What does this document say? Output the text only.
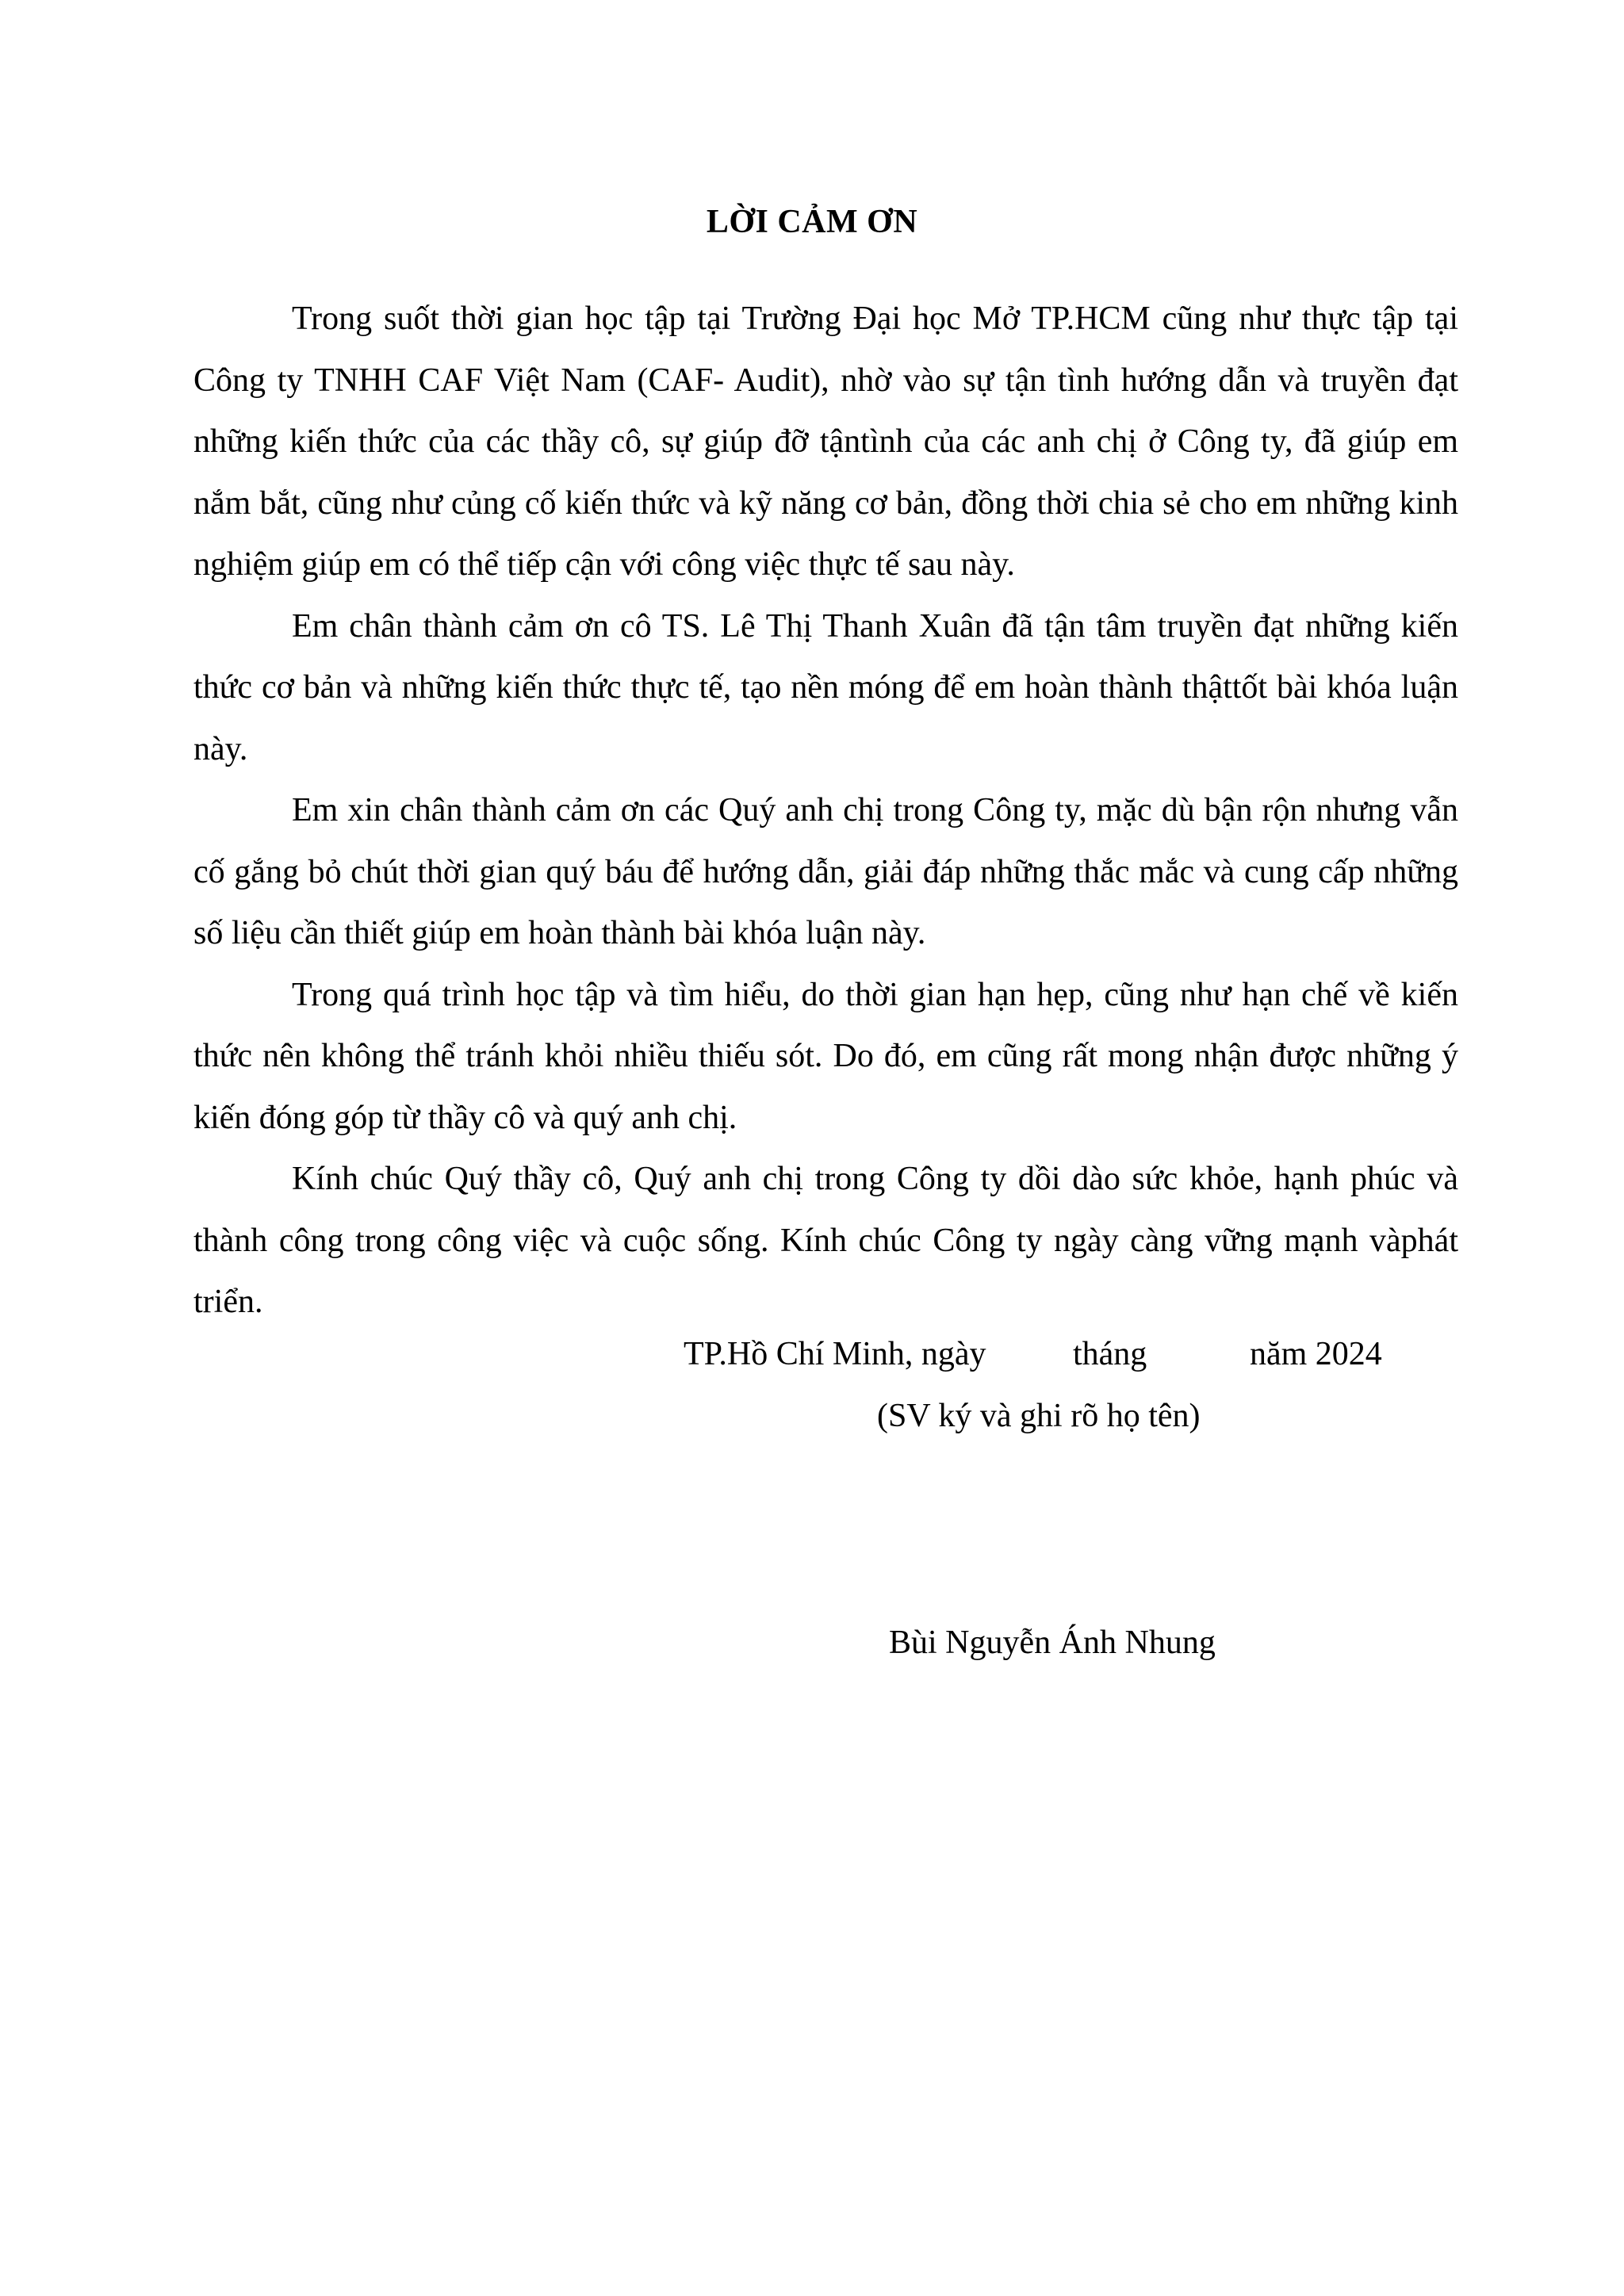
LỜI CẢM ƠN

Trong suốt thời gian học tập tại Trường Đại học Mở TP.HCM cũng như thực tập tại Công ty TNHH CAF Việt Nam (CAF- Audit), nhờ vào sự tận tình hướng dẫn và truyền đạt những kiến thức của các thầy cô, sự giúp đỡ tậntình của các anh chị ở Công ty, đã giúp em nắm bắt, cũng như củng cố kiến thức và kỹ năng cơ bản, đồng thời chia sẻ cho em những kinh nghiệm giúp em có thể tiếp cận với công việc thực tế sau này.

Em chân thành cảm ơn cô TS. Lê Thị Thanh Xuân đã tận tâm truyền đạt những kiến thức cơ bản và những kiến thức thực tế, tạo nền móng để em hoàn thành thậttốt bài khóa luận này.

Em xin chân thành cảm ơn các Quý anh chị trong Công ty, mặc dù bận rộn nhưng vẫn cố gắng bỏ chút thời gian quý báu để hướng dẫn, giải đáp những thắc mắc và cung cấp những số liệu cần thiết giúp em hoàn thành bài khóa luận này.

Trong quá trình học tập và tìm hiểu, do thời gian hạn hẹp, cũng như hạn chế về kiến thức nên không thể tránh khỏi nhiều thiếu sót. Do đó, em cũng rất mong nhận được những ý kiến đóng góp từ thầy cô và quý anh chị.

Kính chúc Quý thầy cô, Quý anh chị trong Công ty dồi dào sức khỏe, hạnh phúc và thành công trong công việc và cuộc sống. Kính chúc Công ty ngày càng vững mạnh vàphát triển.

TP.Hồ Chí Minh, ngày	tháng	năm 2024
(SV ký và ghi rõ họ tên)
Bùi Nguyễn Ánh Nhung
